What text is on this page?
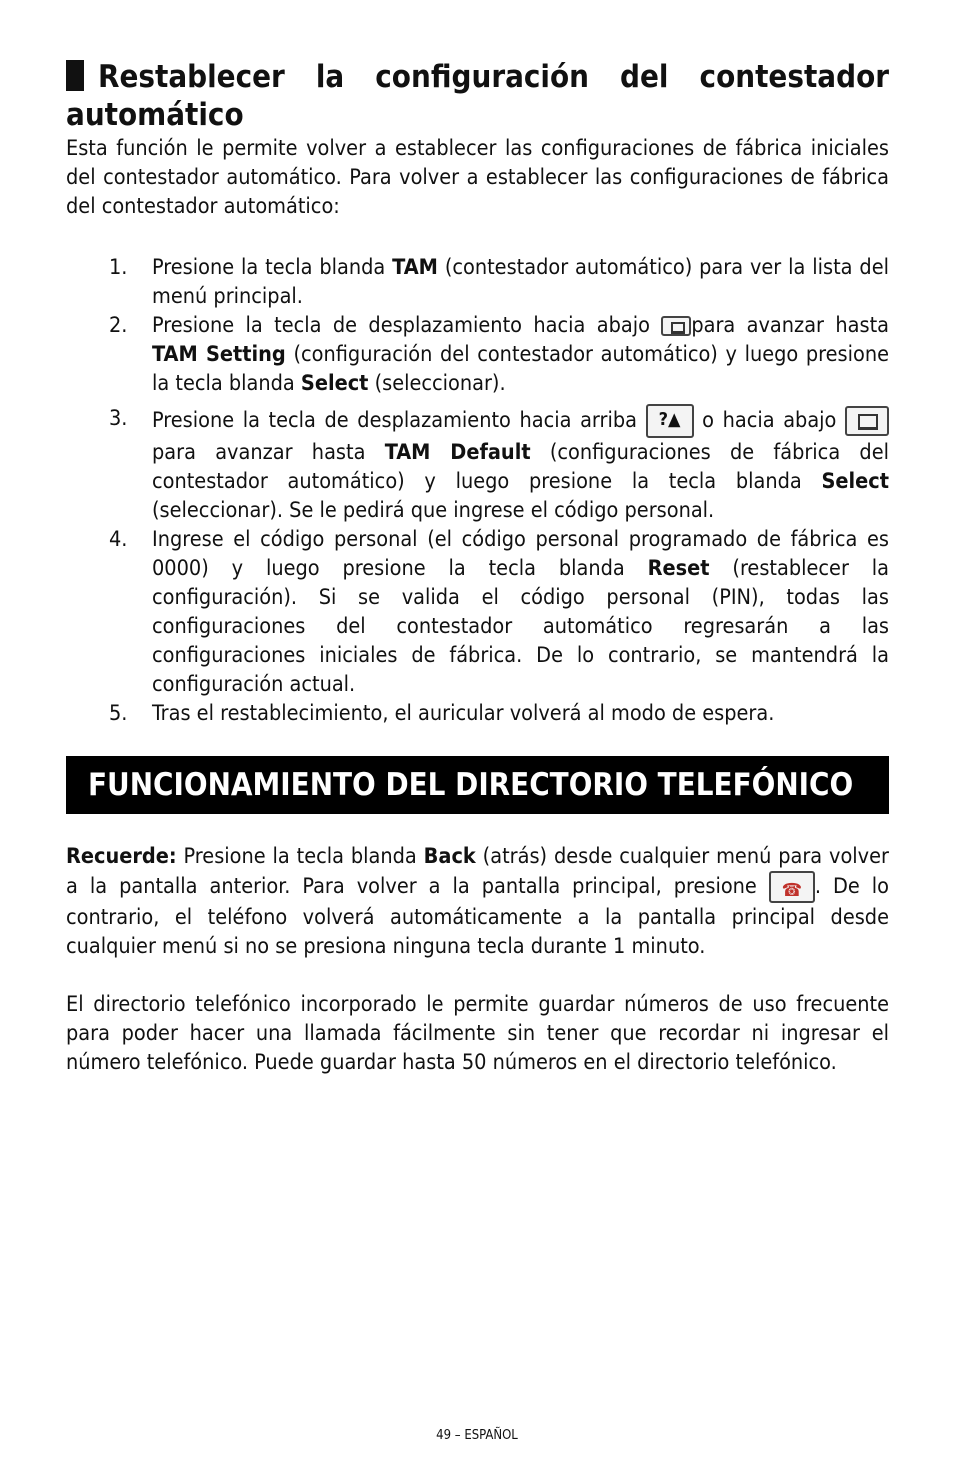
Restablecer la configuración del contestador automático

Esta función le permite volver a establecer las configuraciones de fábrica iniciales del contestador automático. Para volver a establecer las configuraciones de fábrica del contestador automático:

1. Presione la tecla blanda TAM (contestador automático) para ver la lista del menú principal.
2. Presione la tecla de desplazamiento hacia abajo para avanzar hasta TAM Setting (configuración del contestador automático) y luego presione la tecla blanda Select (seleccionar).
3. Presione la tecla de desplazamiento hacia arriba ?▲ o hacia abajo  para avanzar hasta TAM Default (configuraciones de fábrica del contestador automático) y luego presione la tecla blanda Select (seleccionar). Se le pedirá que ingrese el código personal.
4. Ingrese el código personal (el código personal programado de fábrica es 0000) y luego presione la tecla blanda Reset (restablecer la configuración). Si se valida el código personal (PIN), todas las configuraciones del contestador automático regresarán a las configuraciones iniciales de fábrica. De lo contrario, se mantendrá la configuración actual.
5. Tras el restablecimiento, el auricular volverá al modo de espera.
FUNCIONAMIENTO DEL DIRECTORIO TELEFÓNICO

Recuerde: Presione la tecla blanda Back (atrás) desde cualquier menú para volver a la pantalla anterior. Para volver a la pantalla principal, presione ☎. De lo contrario, el teléfono volverá automáticamente a la pantalla principal desde cualquier menú si no se presiona ninguna tecla durante 1 minuto.

El directorio telefónico incorporado le permite guardar números de uso frecuente para poder hacer una llamada fácilmente sin tener que recordar ni ingresar el número telefónico. Puede guardar hasta 50 números en el directorio telefónico.

49 – ESPAÑOL
